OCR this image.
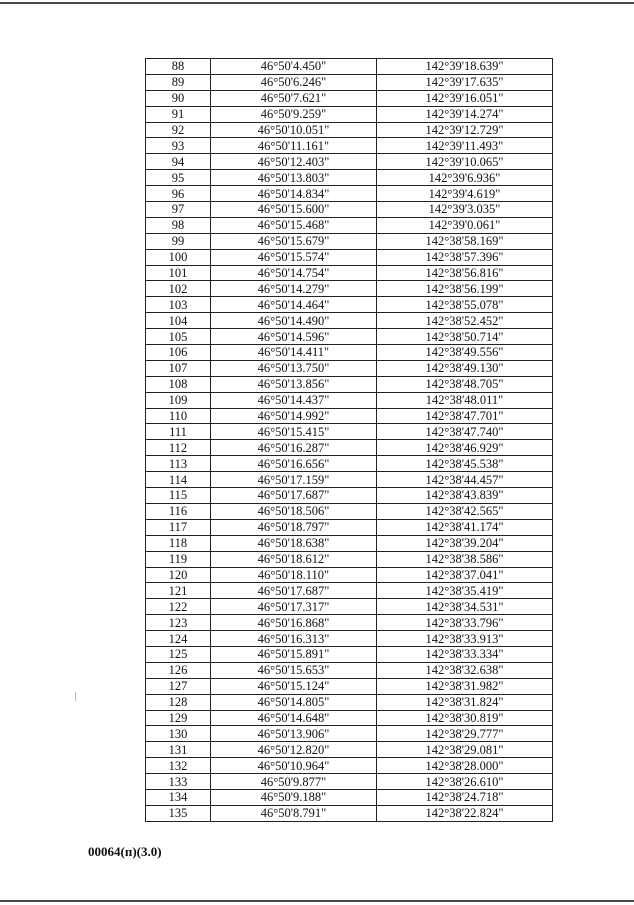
88	46°50'4.450"	142°39'18.639"
89	46°50'6.246"	142°39'17.635"
90	46°50'7.621"	142°39'16.051"
91	46°50'9.259"	142°39'14.274"
92	46°50'10.051"	142°39'12.729"
93	46°50'11.161"	142°39'11.493"
94	46°50'12.403"	142°39'10.065"
95	46°50'13.803"	142°39'6.936"
96	46°50'14.834"	142°39'4.619"
97	46°50'15.600"	142°39'3.035"
98	46°50'15.468"	142°39'0.061"
99	46°50'15.679"	142°38'58.169"
100	46°50'15.574"	142°38'57.396"
101	46°50'14.754"	142°38'56.816"
102	46°50'14.279"	142°38'56.199"
103	46°50'14.464"	142°38'55.078"
104	46°50'14.490"	142°38'52.452"
105	46°50'14.596"	142°38'50.714"
106	46°50'14.411"	142°38'49.556"
107	46°50'13.750"	142°38'49.130"
108	46°50'13.856"	142°38'48.705"
109	46°50'14.437"	142°38'48.011"
110	46°50'14.992"	142°38'47.701"
111	46°50'15.415"	142°38'47.740"
112	46°50'16.287"	142°38'46.929"
113	46°50'16.656"	142°38'45.538"
114	46°50'17.159"	142°38'44.457"
115	46°50'17.687"	142°38'43.839"
116	46°50'18.506"	142°38'42.565"
117	46°50'18.797"	142°38'41.174"
118	46°50'18.638"	142°38'39.204"
119	46°50'18.612"	142°38'38.586"
120	46°50'18.110"	142°38'37.041"
121	46°50'17.687"	142°38'35.419"
122	46°50'17.317"	142°38'34.531"
123	46°50'16.868"	142°38'33.796"
124	46°50'16.313"	142°38'33.913"
125	46°50'15.891"	142°38'33.334"
126	46°50'15.653"	142°38'32.638"
127	46°50'15.124"	142°38'31.982"
128	46°50'14.805"	142°38'31.824"
129	46°50'14.648"	142°38'30.819"
130	46°50'13.906"	142°38'29.777"
131	46°50'12.820"	142°38'29.081"
132	46°50'10.964"	142°38'28.000"
133	46°50'9.877"	142°38'26.610"
134	46°50'9.188"	142°38'24.718"
135	46°50'8.791"	142°38'22.824"
00064(п)(3.0)
